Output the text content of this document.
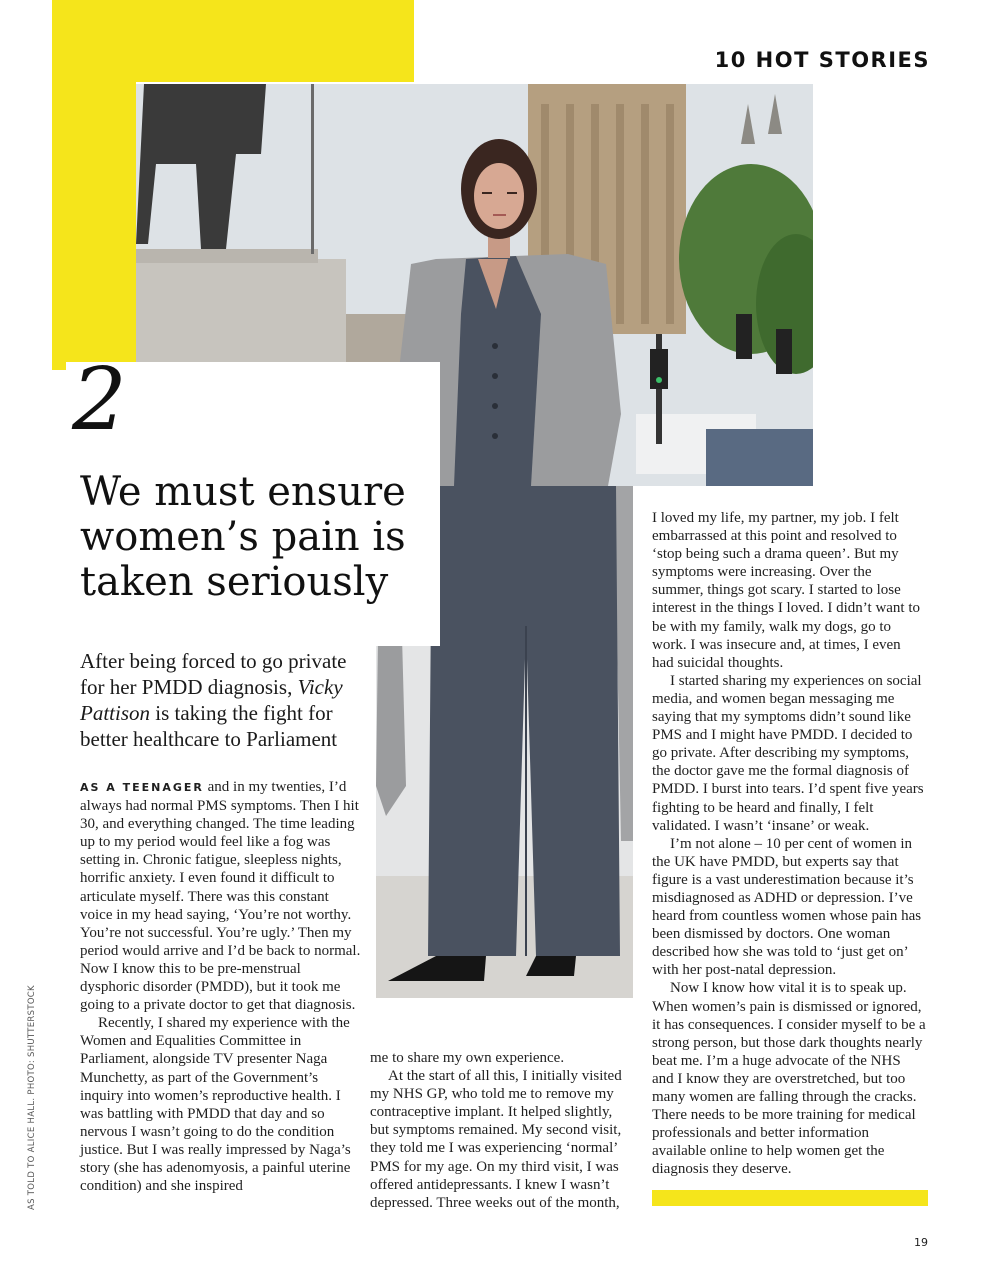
10 HOT STORIES
2
We must ensure women’s pain is taken seriously

After being forced to go private for her PMDD diagnosis, Vicky Pattison is taking the fight for better healthcare to Parliament

AS A TEENAGER and in my twenties, I’d always had normal PMS symptoms. Then I hit 30, and everything changed. The time leading up to my period would feel like a fog was setting in. Chronic fatigue, sleepless nights, horrific anxiety. I even found it difficult to articulate myself. There was this constant voice in my head saying, ‘You’re not worthy. You’re not successful. You’re ugly.’ Then my period would arrive and I’d be back to normal. Now I know this to be pre-menstrual dysphoric disorder (PMDD), but it took me going to a private doctor to get that diagnosis.

Recently, I shared my experience with the Women and Equalities Committee in Parliament, alongside TV presenter Naga Munchetty, as part of the Government’s inquiry into women’s reproductive health. I was battling with PMDD that day and so nervous I wasn’t going to do the condition justice. But I was really impressed by Naga’s story (she has adenomyosis, a painful uterine condition) and she inspired

me to share my own experience.

At the start of all this, I initially visited my NHS GP, who told me to remove my contraceptive implant. It helped slightly, but symptoms remained. My second visit, they told me I was experiencing ‘normal’ PMS for my age. On my third visit, I was offered antidepressants. I knew I wasn’t depressed. Three weeks out of the month,

I loved my life, my partner, my job. I felt embarrassed at this point and resolved to ‘stop being such a drama queen’. But my symptoms were increasing. Over the summer, things got scary. I started to lose interest in the things I loved. I didn’t want to be with my family, walk my dogs, go to work. I was insecure and, at times, I even had suicidal thoughts.

I started sharing my experiences on social media, and women began messaging me saying that my symptoms didn’t sound like PMS and I might have PMDD. I decided to go private. After describing my symptoms, the doctor gave me the formal diagnosis of PMDD. I burst into tears. I’d spent five years fighting to be heard and finally, I felt validated. I wasn’t ‘insane’ or weak.

I’m not alone – 10 per cent of women in the UK have PMDD, but experts say that figure is a vast underestimation because it’s misdiagnosed as ADHD or depression. I’ve heard from countless women whose pain has been dismissed by doctors. One woman described how she was told to ‘just get on’ with her post-natal depression.

Now I know how vital it is to speak up. When women’s pain is dismissed or ignored, it has consequences. I consider myself to be a strong person, but those dark thoughts nearly beat me. I’m a huge advocate of the NHS and I know they are overstretched, but too many women are falling through the cracks. There needs to be more training for medical professionals and better information available online to help women get the diagnosis they deserve.

AS TOLD TO ALICE HALL. PHOTO: SHUTTERSTOCK
19
